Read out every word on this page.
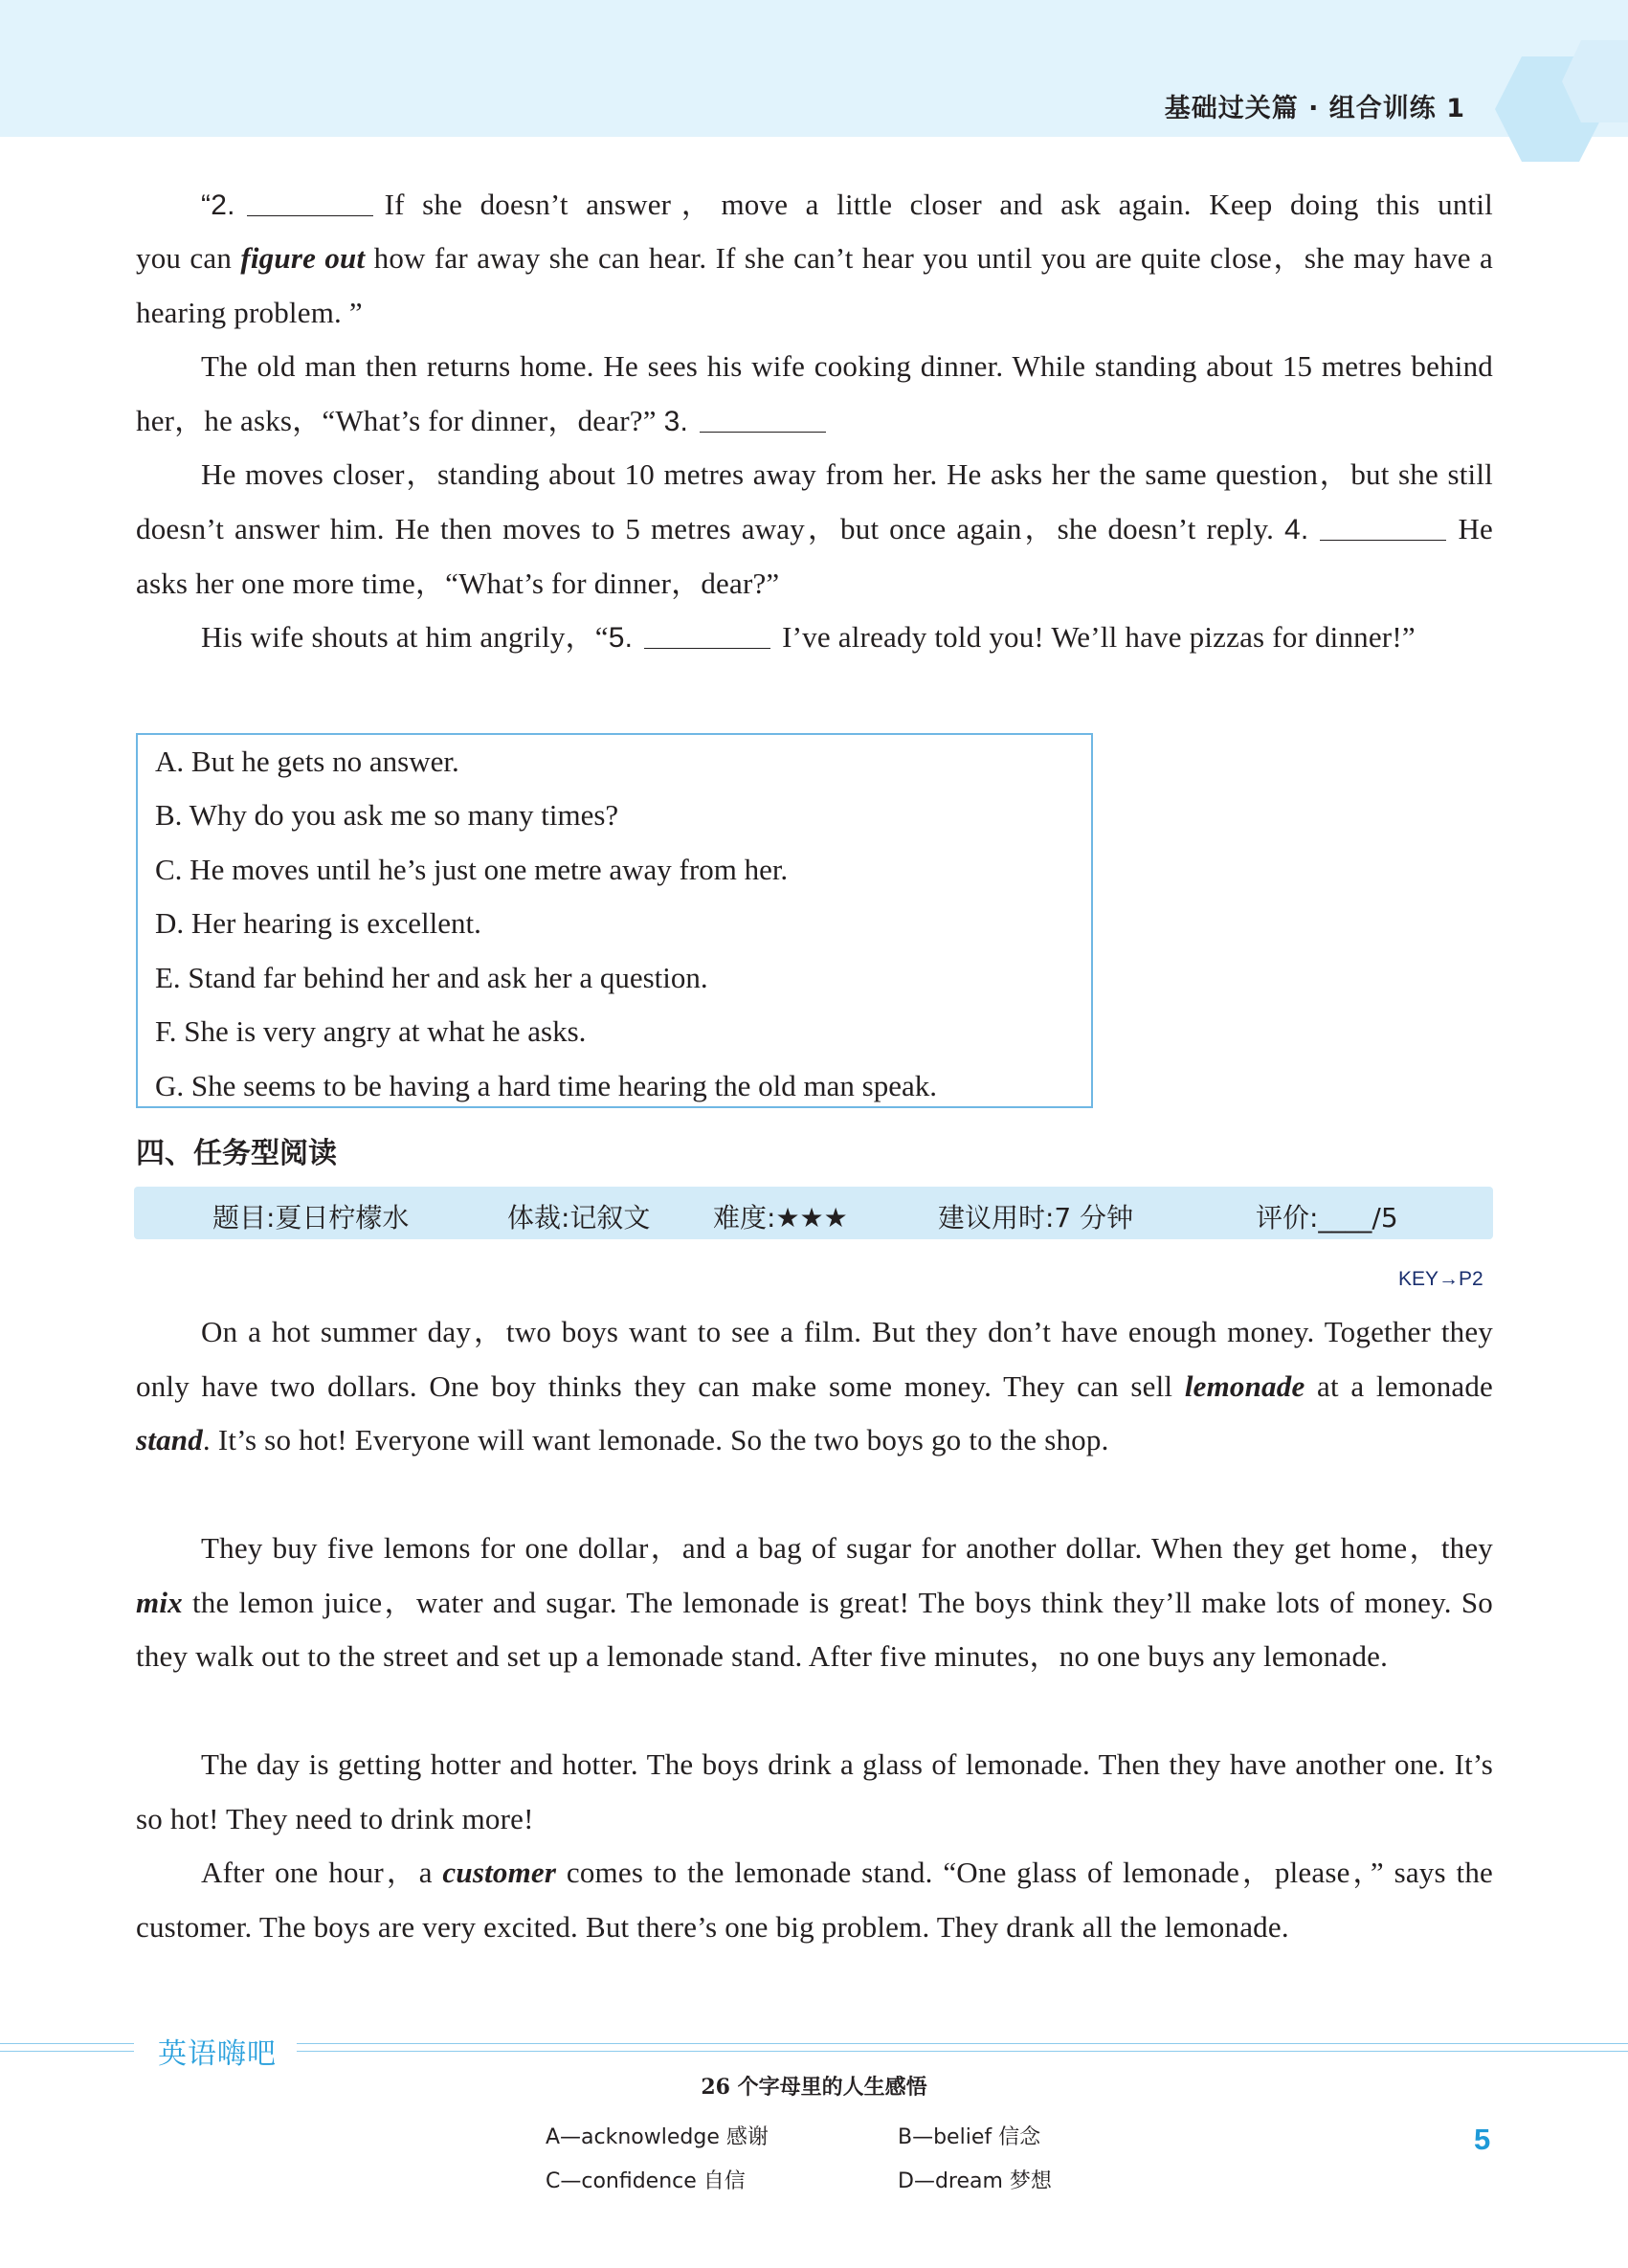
基础过关篇 · 组合训练 1
“2.	If she doesn’t answer，move a little closer and ask again. Keep doing this until
you can figure out how far away she can hear. If she can’t hear you until you are quite close，she may have a hearing problem. ”
The old man then returns home. He sees his wife cooking dinner. While standing about 15 metres behind her，he asks，“What’s for dinner，dear?” 3.
He moves closer，standing about 10 metres away from her. He asks her the same question，but she still doesn’t answer him. He then moves to 5 metres away，but once again，she doesn’t reply. 4.	He asks her one more time，“What’s for dinner，dear?”
His wife shouts at him angrily，“5.	I’ve already told you! We’ll have pizzas for dinner!”
A. But he gets no answer.
B. Why do you ask me so many times?
C. He moves until he’s just one metre away from her.
D. Her hearing is excellent.
E. Stand far behind her and ask her a question.
F. She is very angry at what he asks.
G. She seems to be having a hard time hearing the old man speak.
四、任务型阅读
题目:夏日柠檬水	体裁:记叙文 难度:★★★	建议用时:7 分钟	评价:____/5
KEY→P2
On a hot summer day，two boys want to see a film. But they don’t have enough money. Together they only have two dollars. One boy thinks they can make some money. They can sell lemonade at a lemonade stand. It’s so hot! Everyone will want lemonade. So the two boys go to the shop.
They buy five lemons for one dollar，and a bag of sugar for another dollar. When they get home，they mix the lemon juice，water and sugar. The lemonade is great! The boys think they’ll make lots of money. So they walk out to the street and set up a lemonade stand. After five minutes，no one buys any lemonade.
The day is getting hotter and hotter. The boys drink a glass of lemonade. Then they have another one. It’s so hot! They need to drink more!
After one hour，a customer comes to the lemonade stand. “One glass of lemonade，please，” says the customer. The boys are very excited. But there’s one big problem. They drank all the lemonade.
英语嗨吧
26 个字母里的人生感悟
A—acknowledge 感谢	B—belief 信念
C—confidence 自信	D—dream 梦想
5
